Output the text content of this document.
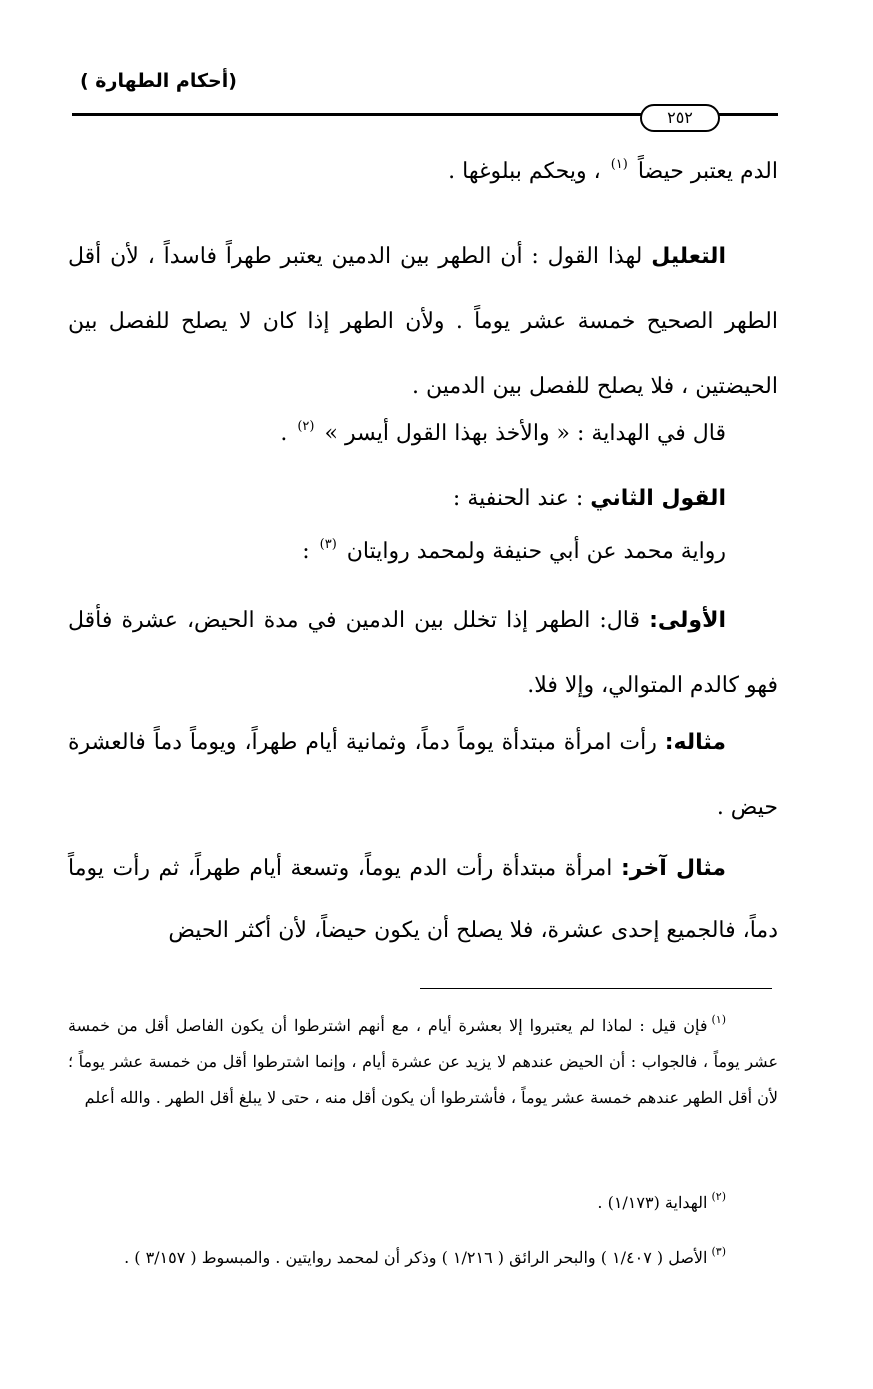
(أحكام الطهارة )
٢٥٢

الدم يعتبر حيضاً $^{(١)}$ ، ويحكم ببلوغها .

التعليل لهذا القول : أن الطهر بين الدمين يعتبر طهراً فاسداً ، لأن أقل الطهر الصحيح خمسة عشر يوماً . ولأن الطهر إذا كان لا يصلح للفصل بين الحيضتين ، فلا يصلح للفصل بين الدمين .

قال في الهداية : « والأخذ بهذا القول أيسر » $^{(٢)}$ .

القول الثاني : عند الحنفية :

رواية محمد عن أبي حنيفة ولمحمد روايتان $^{(٣)}$ :

الأولى: قال: الطهر إذا تخلل بين الدمين في مدة الحيض، عشرة فأقل فهو كالدم المتوالي، وإلا فلا.

مثاله: رأت امرأة مبتدأة يوماً دماً، وثمانية أيام طهراً، ويوماً دماً فالعشرة حيض .

مثال آخر: امرأة مبتدأة رأت الدم يوماً، وتسعة أيام طهراً، ثم رأت يوماً دماً، فالجميع إحدى عشرة، فلا يصلح أن يكون حيضاً، لأن أكثر الحيض

$^{(١)}$فإن قيل : لماذا لم يعتبروا إلا بعشرة أيام ، مع أنهم اشترطوا أن يكون الفاصل أقل من خمسة عشر يوماً ، فالجواب : أن الحيض عندهم لا يزيد عن عشرة أيام ، وإنما اشترطوا أقل من خمسة عشر يوماً ؛ لأن أقل الطهر عندهم خمسة عشر يوماً ، فأشترطوا أن يكون أقل منه ، حتى لا يبلغ أقل الطهر . والله أعلم

$^{(٢)}$الهداية (١/١٧٣) .

$^{(٣)}$الأصل ( ١/٤٠٧ ) والبحر الرائق ( ١/٢١٦ ) وذكر أن لمحمد روايتين . والمبسوط ( ٣/١٥٧ ) .
